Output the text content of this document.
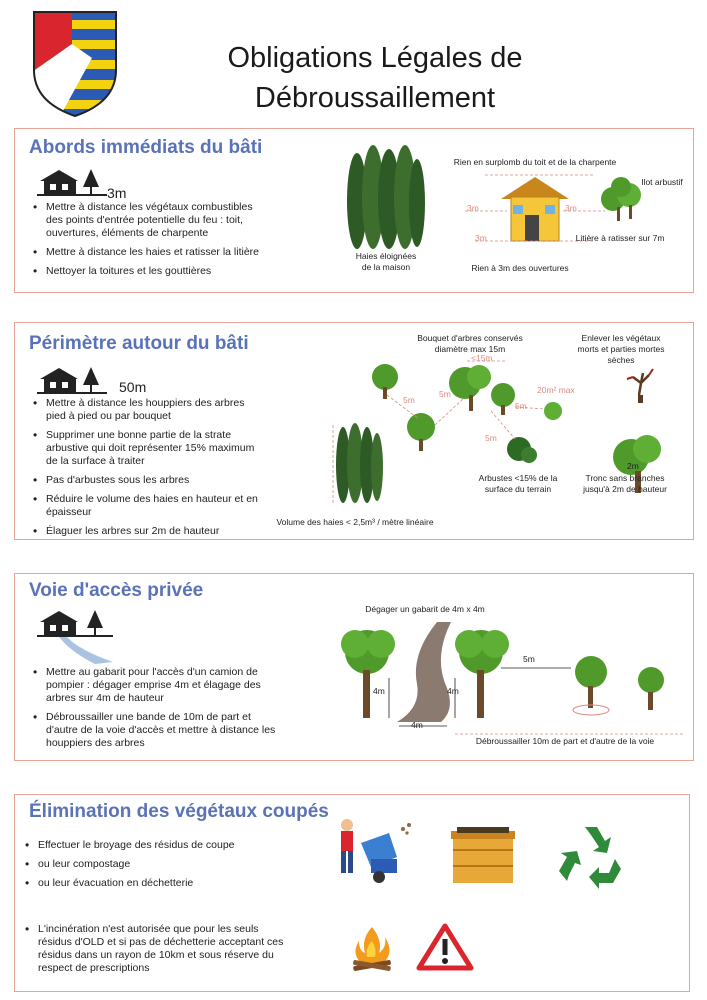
Obligations Légales de
Débroussaillement
Abords immédiats du bâti
3m
• Mettre à distance les végétaux combustibles des points d'entrée potentielle du feu : toit, ouvertures, éléments de charpente
• Mettre à distance les haies et ratisser la litière
• Nettoyer la toitures et les gouttières
Haies éloignées de la maison
Rien en surplomb du toit et de la charpente
Ilot arbustif
3m	3m
3m	Litière à ratisser sur 7m
Rien à 3m des ouvertures
Périmètre autour du bâti
50m
• Mettre à distance les houppiers des arbres pied à pied ou par bouquet
• Supprimer une bonne partie de la strate arbustive qui doit représenter 15% maximum de la surface à traiter
• Pas d'arbustes sous les arbres
• Réduire le volume des haies en hauteur et en épaisseur
• Élaguer les arbres sur 2m de hauteur
Bouquet d'arbres conservés diamètre max 15m
Enlever les végétaux morts et parties mortes sèches
<15m
20m² max
5m
5m
5m
5m
2m
Arbustes <15% de la surface du terrain
Tronc sans branches jusqu'à 2m de hauteur
Volume des haies < 2,5m³ / mètre linéaire
Voie d'accès privée
• Mettre au gabarit pour l'accès d'un camion de pompier : dégager emprise 4m et élagage des arbres sur 4m de hauteur
• Débroussailler une bande de 10m de part et d'autre de la voie d'accès et mettre à distance les houppiers des arbres
Dégager un gabarit de 4m x 4m
4m	4m
4m
5m
Débroussailler 10m de part et d'autre de la voie
Élimination des végétaux coupés
• Effectuer le broyage des résidus de coupe
• ou leur compostage
• ou leur évacuation en déchetterie
• L'incinération n'est autorisée que pour les seuls résidus d'OLD et si pas de déchetterie acceptant ces résidus dans un rayon de 10km et sous réserve du respect de prescriptions
